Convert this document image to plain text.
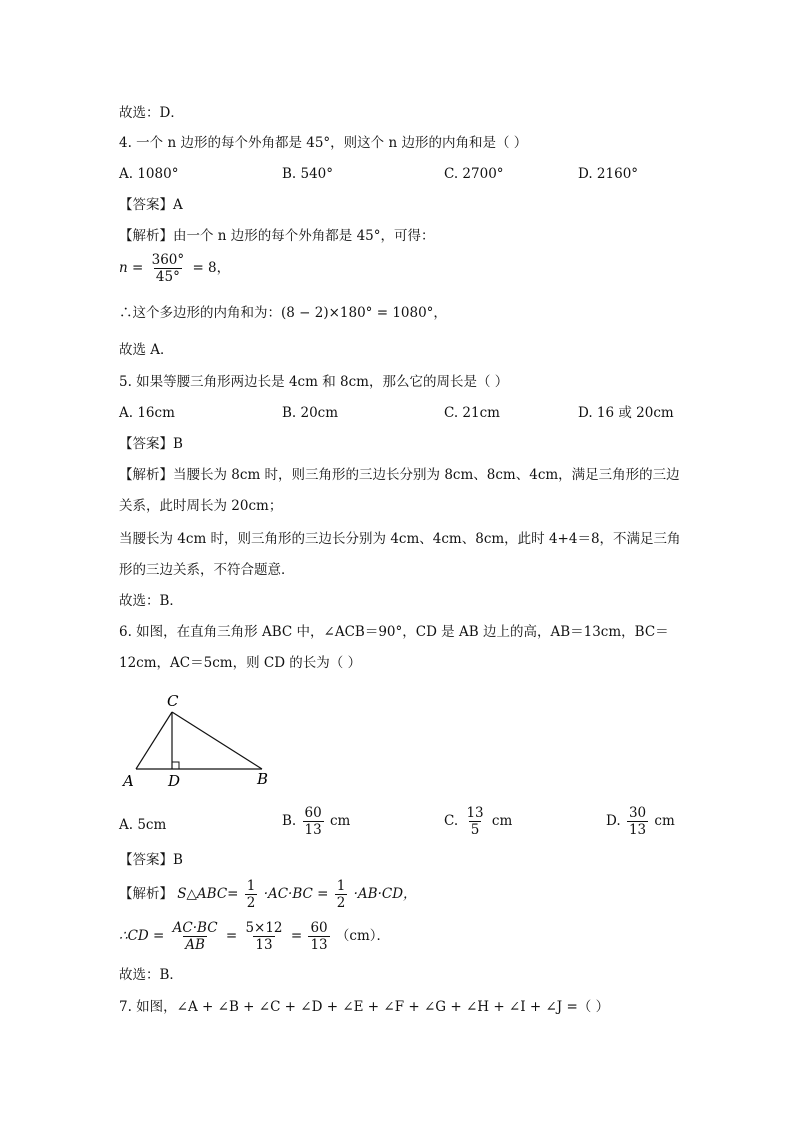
故选：D．
4. 一个 n 边形的每个外角都是 45°，则这个 n 边形的内角和是（ ）
A. 1080°	B. 540°	C. 2700°	D. 2160°
【答案】A
【解析】由一个 n 边形的每个外角都是 45°，可得：
$n = \frac{360^\circ}{45^\circ} = 8$，
∴这个多边形的内角和为：(8 − 2)×180° = 1080°，
故选 A．
5. 如果等腰三角形两边长是 4cm 和 8cm，那么它的周长是（ ）
A. 16cm	B. 20cm	C. 21cm	D. 16 或 20cm
【答案】B
【解析】当腰长为 8cm 时，则三角形的三边长分别为 8cm、8cm、4cm，满足三角形的三边
关系，此时周长为 20cm；
当腰长为 4cm 时，则三角形的三边长分别为 4cm、4cm、8cm，此时 4+4＝8，不满足三角
形的三边关系，不符合题意．
故选：B．
6. 如图，在直角三角形 ABC 中，∠ACB＝90°，CD 是 AB 边上的高，AB＝13cm，BC＝
12cm，AC＝5cm，则 CD 的长为（ ）
C
A D	B
A. 5cm	B. $\frac{60}{13}$ cm	C. $\frac{13}{5}$ cm	D. $\frac{30}{13}$ cm
【答案】B
【解析】 S△ABC= $\frac{1}{2} \cdot AC\cdot BC = \frac{1}{2} \cdot AB\cdot CD$，
∴CD = $\frac{AC\cdot BC}{AB} = \frac{5\times 12}{13} = \frac{60}{13} (cm)$．
故选：B．
7. 如图，∠A + ∠B + ∠C + ∠D + ∠E + ∠F + ∠G + ∠H + ∠I + ∠J =（ ）
